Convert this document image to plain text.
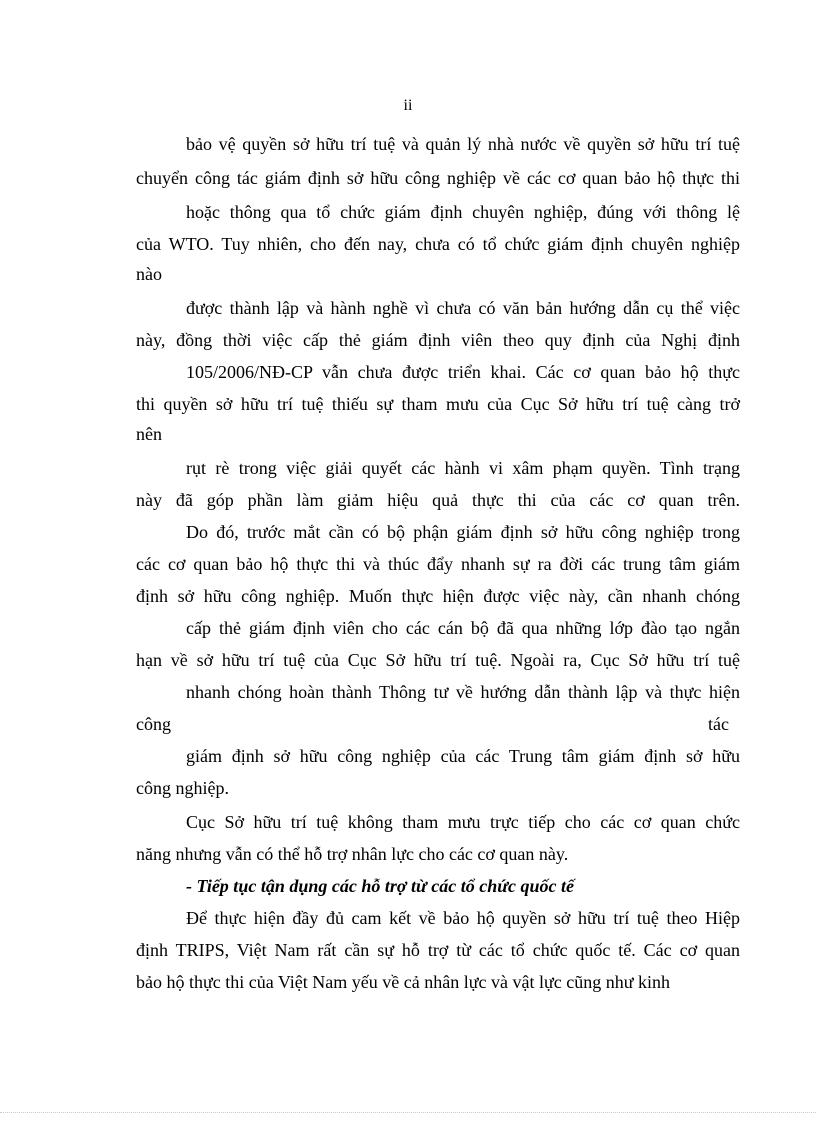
ii
bảo vệ quyền sở hữu trí tuệ và quản lý nhà nước về quyền sở hữu trí tuệ
chuyển công tác giám định sở hữu công nghiệp về các cơ quan bảo hộ thực thi
hoặc thông qua tổ chức giám định chuyên nghiệp, đúng với thông lệ
của WTO. Tuy nhiên, cho đến nay, chưa có tổ chức giám định chuyên nghiệp
nào
được thành lập và hành nghề vì chưa có văn bản hướng dẫn cụ thể việc
này, đồng thời việc cấp thẻ giám định viên theo quy định của Nghị định
105/2006/NĐ-CP vẫn chưa được triển khai. Các cơ quan bảo hộ thực
thi quyền sở hữu trí tuệ thiếu sự tham mưu của Cục Sở hữu trí tuệ càng trở
nên
rụt rè trong việc giải quyết các hành vi xâm phạm quyền. Tình trạng
này đã góp phần làm giảm hiệu quả thực thi của các cơ quan trên.
Do đó, trước mắt cần có bộ phận giám định sở hữu công nghiệp trong
các cơ quan bảo hộ thực thi và thúc đẩy nhanh sự ra đời các trung tâm giám
định sở hữu công nghiệp. Muốn thực hiện được việc này, cần nhanh chóng
cấp thẻ giám định viên cho các cán bộ đã qua những lớp đào tạo ngắn
hạn về sở hữu trí tuệ của Cục Sở hữu trí tuệ. Ngoài ra, Cục Sở hữu trí tuệ
nhanh chóng hoàn thành Thông tư về hướng dẫn thành lập và thực hiện
công	tác
giám định sở hữu công nghiệp của các Trung tâm giám định sở hữu
công nghiệp.
Cục Sở hữu trí tuệ không tham mưu trực tiếp cho các cơ quan chức
năng nhưng vẫn có thể hỗ trợ nhân lực cho các cơ quan này.
- Tiếp tục tận dụng các hỗ trợ từ các tổ chức quốc tế
Để thực hiện đầy đủ cam kết về bảo hộ quyền sở hữu trí tuệ theo Hiệp
định TRIPS, Việt Nam rất cần sự hỗ trợ từ các tổ chức quốc tế. Các cơ quan
bảo hộ thực thi của Việt Nam yếu về cả nhân lực và vật lực cũng như kinh
